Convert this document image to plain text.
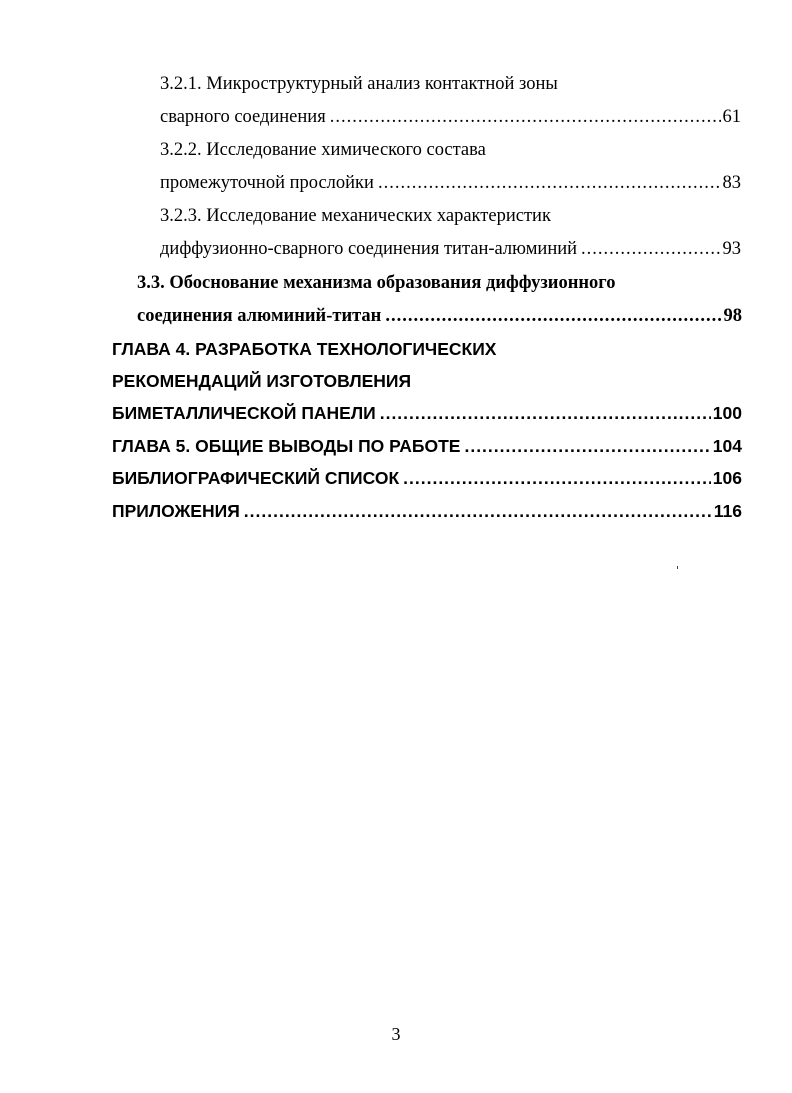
3.2.1. Микроструктурный анализ контактной зоны
сварного соединения .....	61
3.2.2. Исследование химического состава
промежуточной прослойки .....	83
3.2.3. Исследование механических характеристик
диффузионно-сварного соединения титан-алюминий .....	93
3.3. Обоснование механизма образования диффузионного
соединения алюминий-титан .....	98
ГЛАВА 4. РАЗРАБОТКА ТЕХНОЛОГИЧЕСКИХ
РЕКОМЕНДАЦИЙ ИЗГОТОВЛЕНИЯ
БИМЕТАЛЛИЧЕСКОЙ ПАНЕЛИ .....	100
ГЛАВА 5. ОБЩИЕ ВЫВОДЫ ПО РАБОТЕ .....	104
БИБЛИОГРАФИЧЕСКИЙ СПИСОК .....	106
ПРИЛОЖЕНИЯ .....	116
3
